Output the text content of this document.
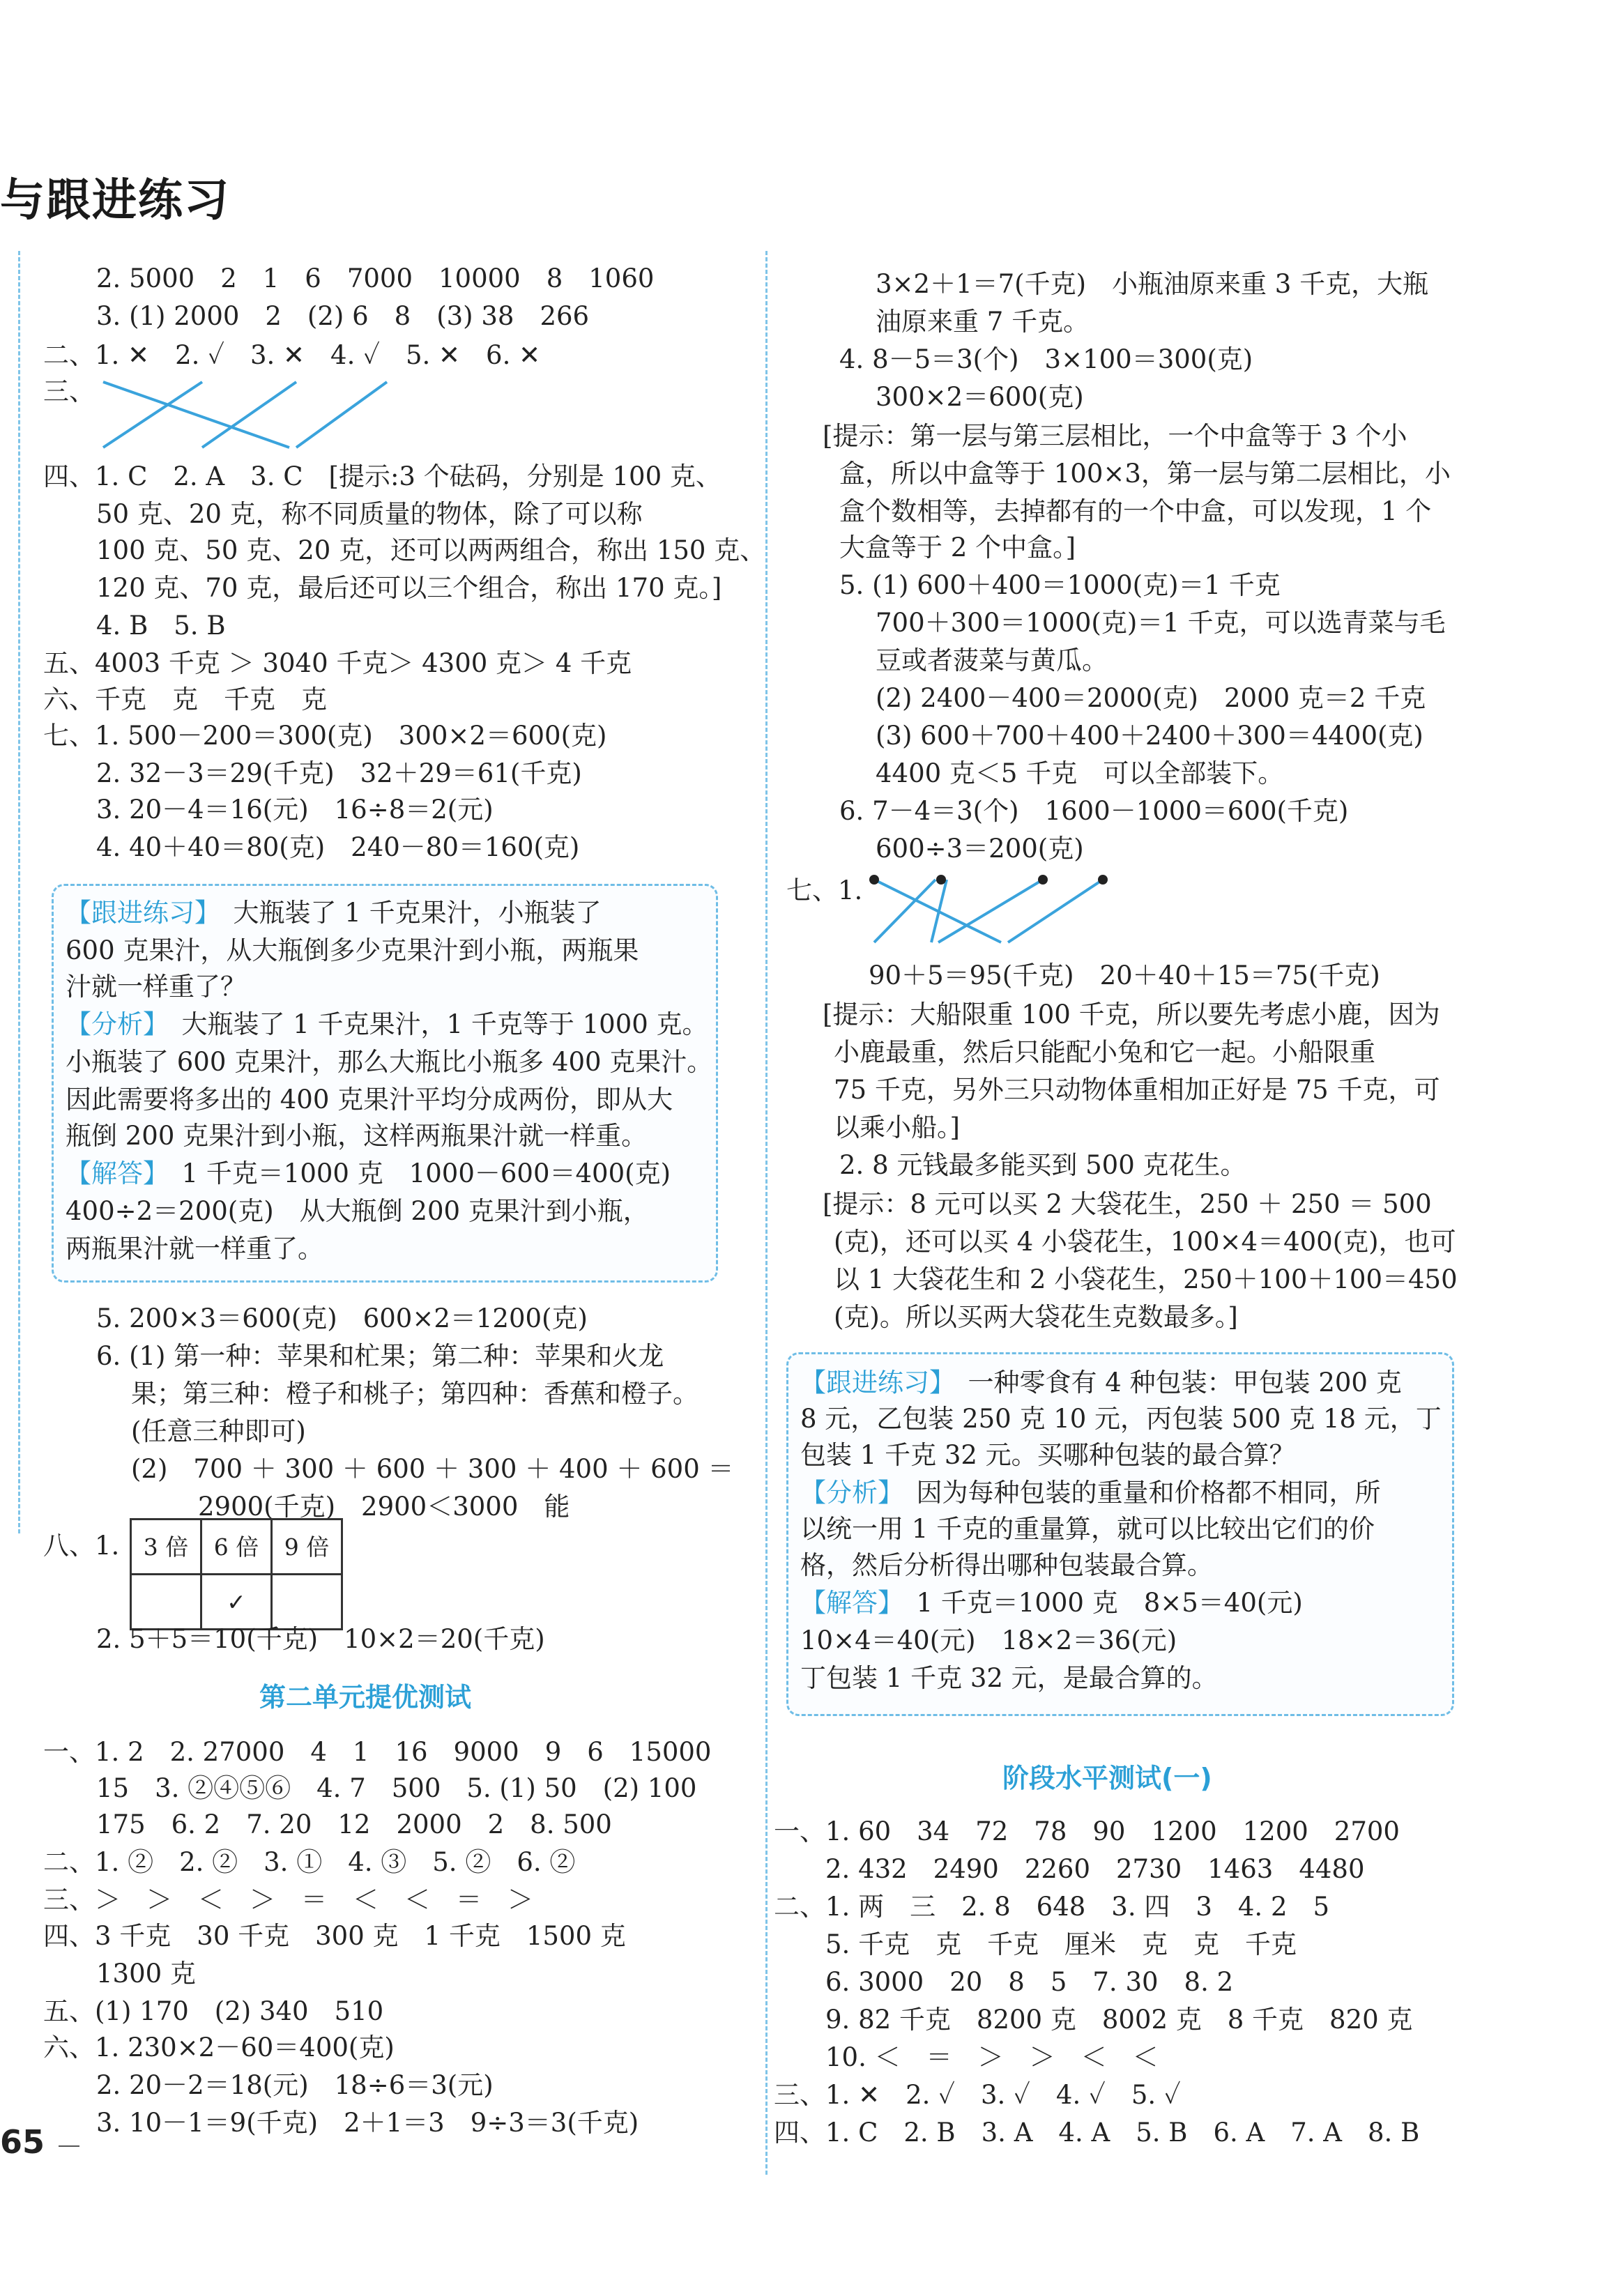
与跟进练习
2. 5000　2　1　6　7000　10000　8　1060
3. (1) 2000　2　(2) 6　8　(3) 38　266
二、1. ✕　2. ✓　3. ✕　4. ✓　5. ✕　6. ✕
三、
四、1. C　2. A　3. C　[提示:3 个砝码，分别是 100 克、
50 克、20 克，称不同质量的物体，除了可以称
100 克、50 克、20 克，还可以两两组合，称出 150 克、
120 克、70 克，最后还可以三个组合，称出 170 克。]
4. B　5. B
五、4003 千克 ＞ 3040 千克＞ 4300 克＞ 4 千克
六、千克　克　千克　克
七、1. 500－200＝300(克)　300×2＝600(克)
2. 32－3＝29(千克)　32＋29＝61(千克)
3. 20－4＝16(元)　16÷8＝2(元)
4. 40＋40＝80(克)　240－80＝160(克)
【跟进练习】　大瓶装了 1 千克果汁，小瓶装了
600 克果汁，从大瓶倒多少克果汁到小瓶，两瓶果
汁就一样重了？
【分析】　大瓶装了 1 千克果汁，1 千克等于 1000 克。
小瓶装了 600 克果汁，那么大瓶比小瓶多 400 克果汁。
因此需要将多出的 400 克果汁平均分成两份，即从大
瓶倒 200 克果汁到小瓶，这样两瓶果汁就一样重。
【解答】　1 千克＝1000 克　1000－600＝400(克)
400÷2＝200(克)　从大瓶倒 200 克果汁到小瓶，
两瓶果汁就一样重了。
5. 200×3＝600(克)　600×2＝1200(克)
6. (1) 第一种：苹果和杧果；第二种：苹果和火龙
果；第三种：橙子和桃子；第四种：香蕉和橙子。
(任意三种即可)
(2)　700 ＋ 300 ＋ 600 ＋ 300 ＋ 400 ＋ 600 ＝
2900(千克)　2900＜3000　能
八、1. 3 倍	6 倍	9 倍
	✓	
2. 5＋5＝10(千克)　10×2＝20(千克)
第二单元提优测试
一、1. 2　2. 27000　4　1　16　9000　9　6　15000
15　3. ②④⑤⑥　4. 7　500　5. (1) 50　(2) 100
175　6. 2　7. 20　12　2000　2　8. 500
二、1. ②　2. ②　3. ①　4. ③　5. ②　6. ②
三、＞　＞　＜　＞　＝　＜　＜　＝　＞
四、3 千克　30 千克　300 克　1 千克　1500 克
1300 克
五、(1) 170　(2) 340　510
六、1. 230×2－60＝400(克)
2. 20－2＝18(元)　18÷6＝3(元)
3. 10－1＝9(千克)　2＋1＝3　9÷3＝3(千克)
65
3×2＋1＝7(千克)　小瓶油原来重 3 千克，大瓶
油原来重 7 千克。
4. 8－5＝3(个)　3×100＝300(克)
300×2＝600(克)
[提示：第一层与第三层相比，一个中盒等于 3 个小
盒，所以中盒等于 100×3，第一层与第二层相比，小
盒个数相等，去掉都有的一个中盒，可以发现，1 个
大盒等于 2 个中盒。]
5. (1) 600＋400＝1000(克)＝1 千克
700＋300＝1000(克)＝1 千克，可以选青菜与毛
豆或者菠菜与黄瓜。
(2) 2400－400＝2000(克)　2000 克＝2 千克
(3) 600＋700＋400＋2400＋300＝4400(克)
4400 克＜5 千克　可以全部装下。
6. 7－4＝3(个)　1600－1000＝600(千克)
600÷3＝200(克)
七、1.
90＋5＝95(千克)　20＋40＋15＝75(千克)
[提示：大船限重 100 千克，所以要先考虑小鹿，因为
小鹿最重，然后只能配小兔和它一起。小船限重
75 千克，另外三只动物体重相加正好是 75 千克，可
以乘小船。]
2. 8 元钱最多能买到 500 克花生。
[提示：8 元可以买 2 大袋花生，250 ＋ 250 ＝ 500
(克)，还可以买 4 小袋花生，100×4＝400(克)，也可
以 1 大袋花生和 2 小袋花生，250＋100＋100＝450
(克)。所以买两大袋花生克数最多。]
【跟进练习】　一种零食有 4 种包装：甲包装 200 克
8 元，乙包装 250 克 10 元，丙包装 500 克 18 元，丁
包装 1 千克 32 元。买哪种包装的最合算？
【分析】　因为每种包装的重量和价格都不相同，所
以统一用 1 千克的重量算，就可以比较出它们的价
格，然后分析得出哪种包装最合算。
【解答】　1 千克＝1000 克　8×5＝40(元)
10×4＝40(元)　18×2＝36(元)
丁包装 1 千克 32 元，是最合算的。
阶段水平测试(一)
一、1. 60　34　72　78　90　1200　1200　2700
2. 432　2490　2260　2730　1463　4480
二、1. 两　三　2. 8　648　3. 四　3　4. 2　5
5. 千克　克　千克　厘米　克　克　千克
6. 3000　20　8　5　7. 30　8. 2
9. 82 千克　8200 克　8002 克　8 千克　820 克
10. ＜　＝　＞　＞　＜　＜
三、1. ✕　2. ✓　3. ✓　4. ✓　5. ✓
四、1. C　2. B　3. A　4. A　5. B　6. A　7. A　8. B
